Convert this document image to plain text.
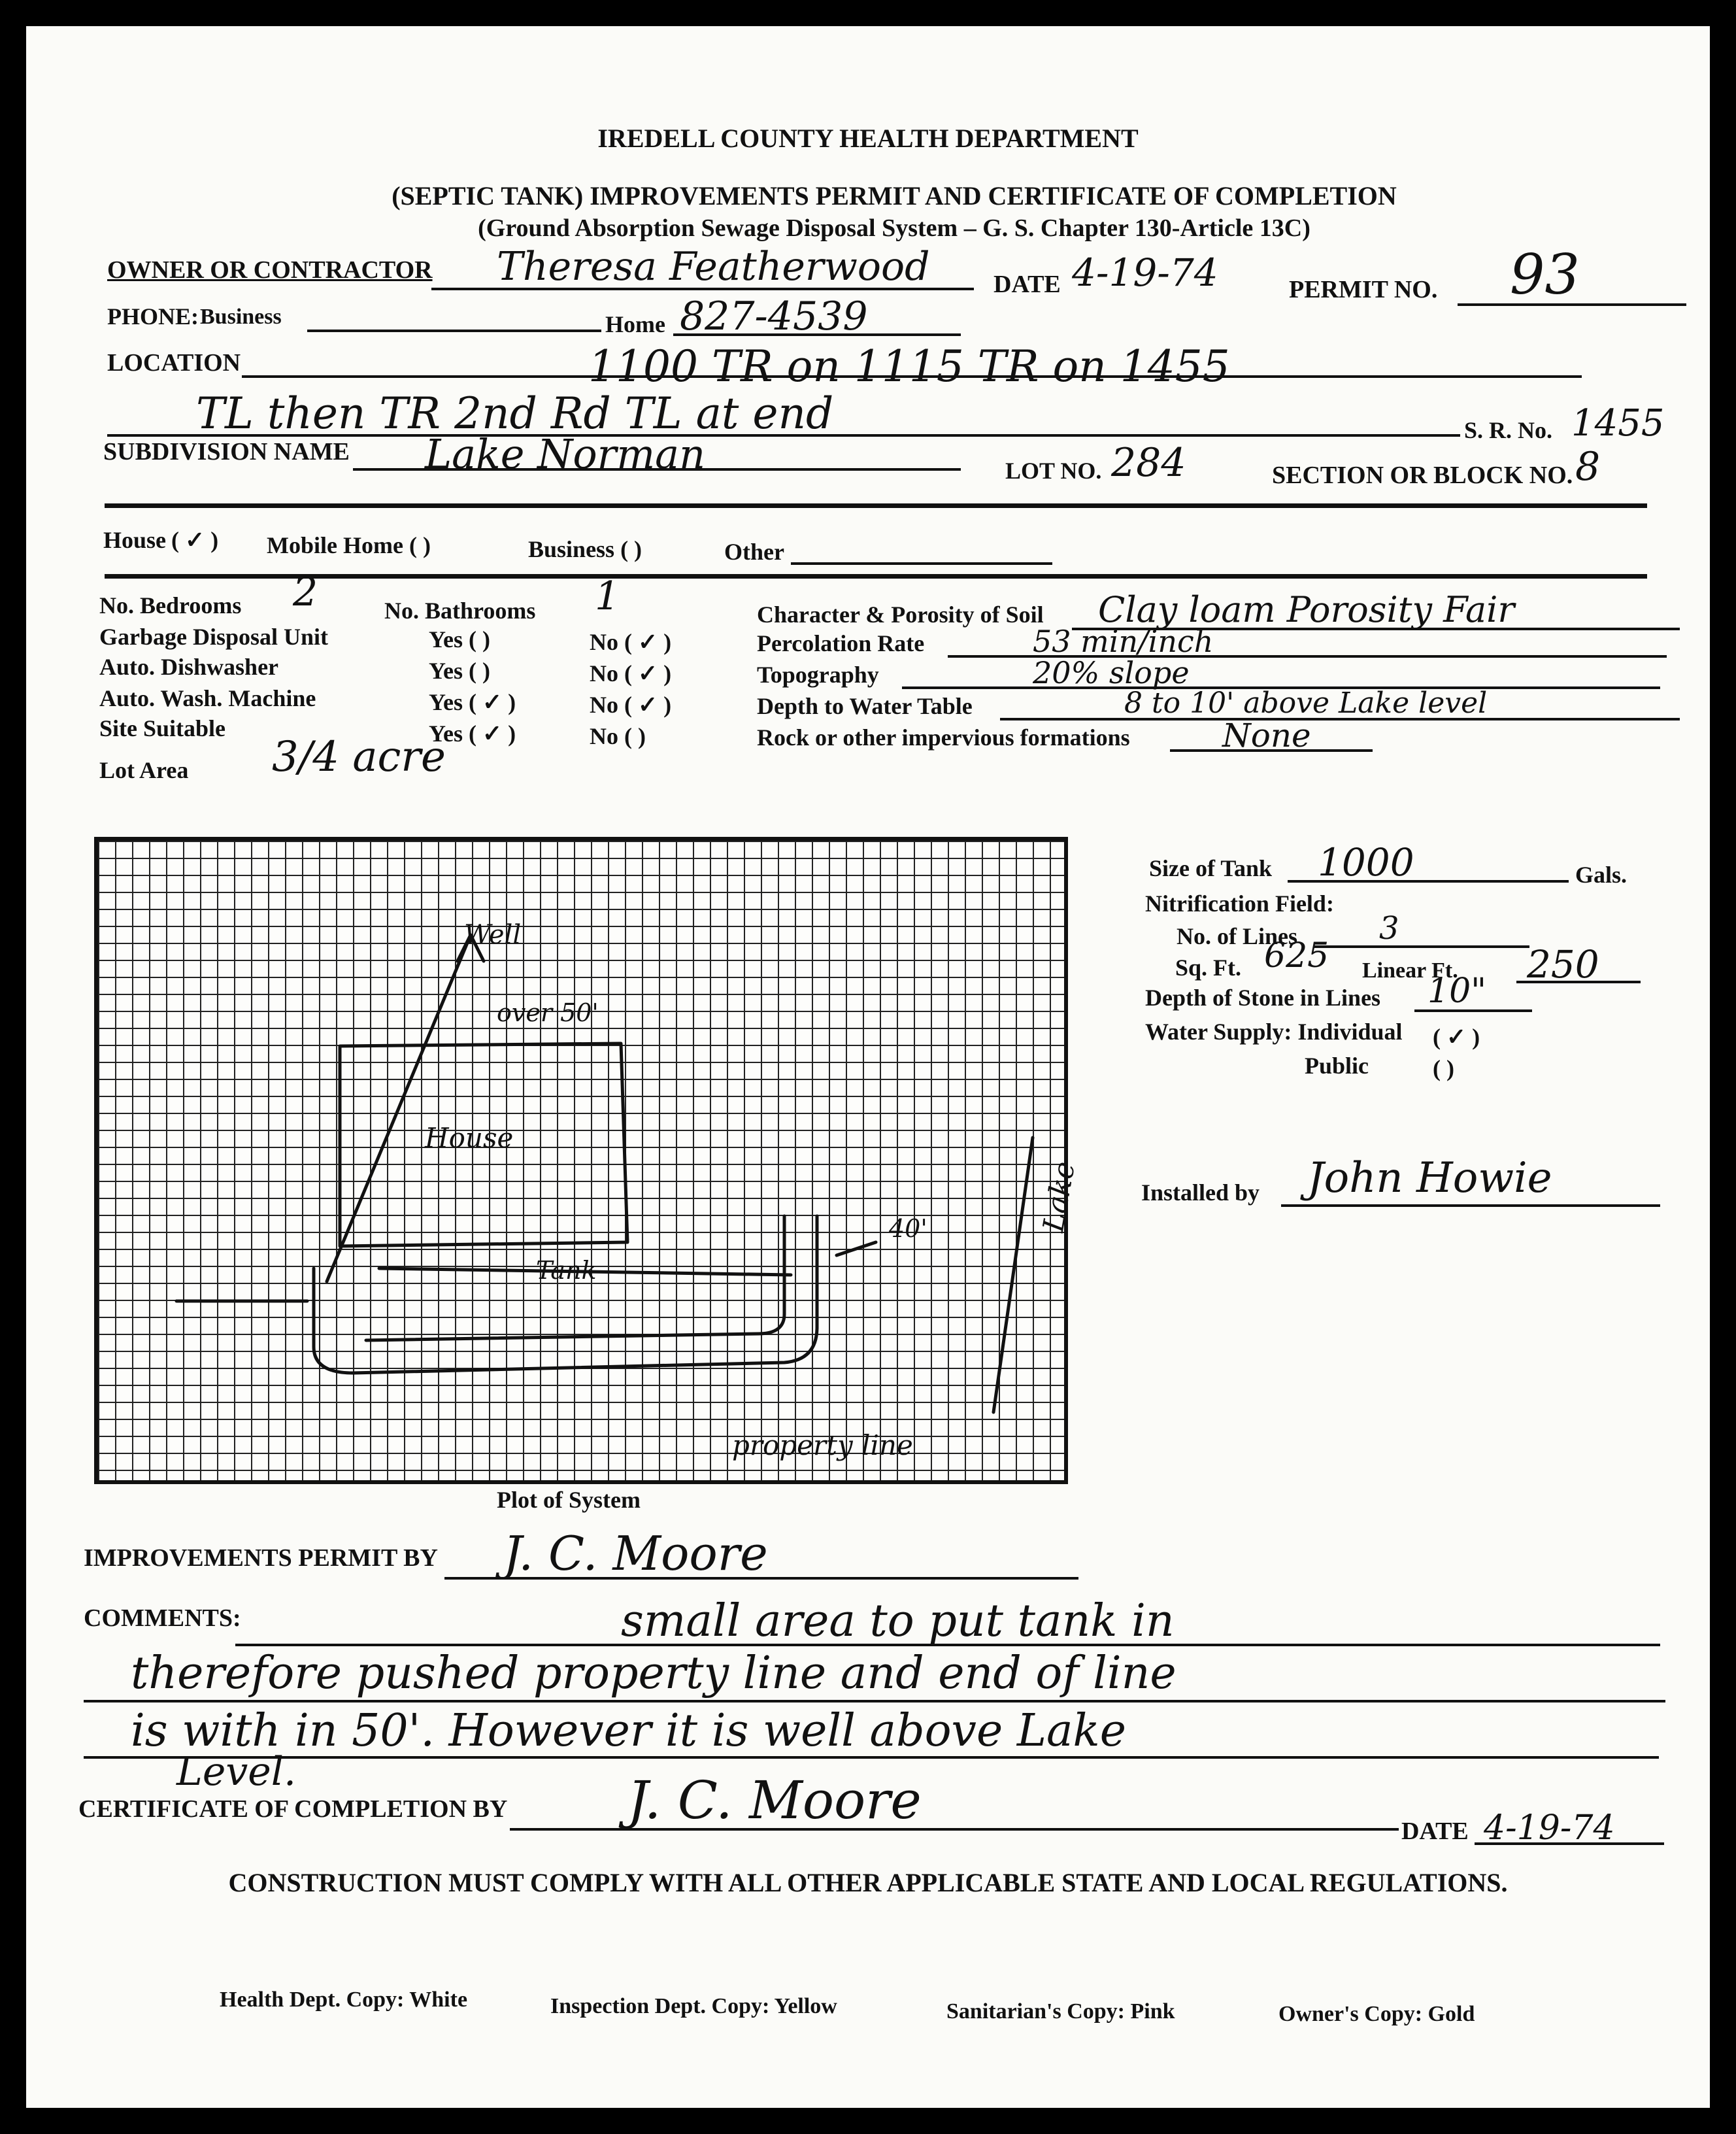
IREDELL COUNTY HEALTH DEPARTMENT
(SEPTIC TANK) IMPROVEMENTS PERMIT AND CERTIFICATE OF COMPLETION
(Ground Absorption Sewage Disposal System – G. S. Chapter 130-Article 13C)
OWNER OR CONTRACTOR Theresa Featherwood	DATE 4-19-74	PERMIT NO. 93
PHONE: Business	Home 827-4539
LOCATION	1100 TR on 1115 TR on 1455
TL then TR 2nd Rd TL at end	S. R. No. 1455
SUBDIVISION NAME Lake Norman	LOT NO. 284	SECTION OR BLOCK NO. 8
House ( ✓ ) Mobile Home ( )	Business ( )	Other
No. Bedrooms 2	No. Bathrooms 1
Garbage Disposal Unit	Yes ( )	No ( ✓ )
Auto. Dishwasher	Yes ( )	No ( ✓ )
Auto. Wash. Machine	Yes ( ✓ )	No ( ✓ )
Site Suitable	Yes ( ✓ )	No ( )
Lot Area 3/4 acre
Character & Porosity of Soil Clay loam Porosity Fair
Percolation Rate	53 min/inch
Topography	20% slope
Depth to Water Table	8 to 10' above Lake level
Rock or other impervious formations	None
Well
over 50'
House
Tank
40'	Lake
property line
Plot of System
Size of Tank 1000	Gals.
Nitrification Field:
No. of Lines	3
Sq. Ft. 625 Linear Ft. 250
Depth of Stone in Lines 10"
Water Supply: Individual ( ✓ )
Public	( )
Installed by John Howie
IMPROVEMENTS PERMIT BY J. C. Moore
COMMENTS:	small area to put tank in
therefore pushed property line and end of line
is with in 50'. However it is well above Lake
Level.
CERTIFICATE OF COMPLETION BY J. C. Moore
DATE 4-19-74
CONSTRUCTION MUST COMPLY WITH ALL OTHER APPLICABLE STATE AND LOCAL REGULATIONS.
Health Dept. Copy: White	Inspection Dept. Copy: Yellow	Sanitarian's Copy: Pink	Owner's Copy: Gold
